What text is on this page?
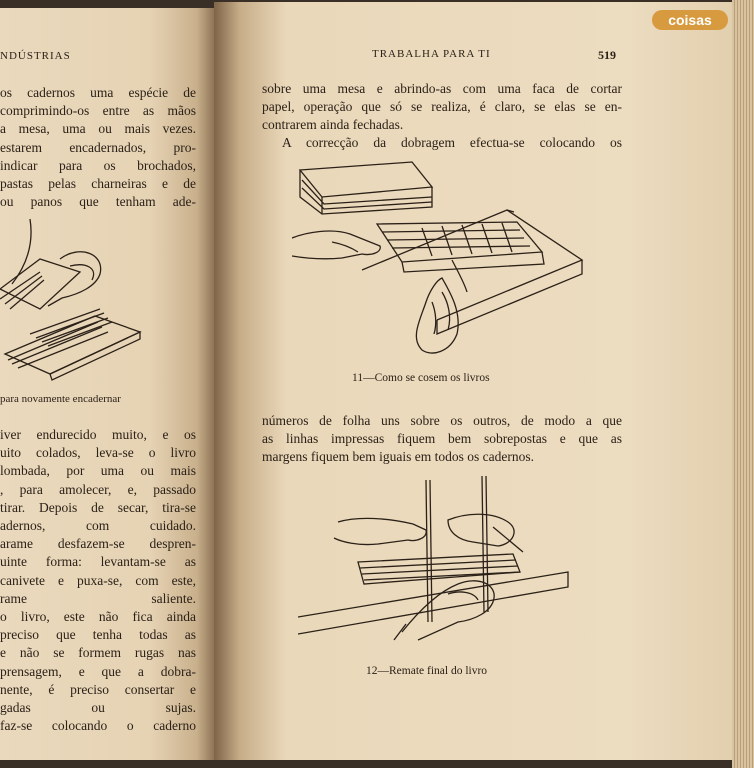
NDÚSTRIAS
os cadernos uma espécie de
comprimindo-os entre as mãos
a mesa, uma ou mais vezes.
estarem encadernados, pro-
indicar para os brochados,
pastas pelas charneiras e de
ou panos que tenham ade-
para novamente encadernar
iver endurecido muito, e os
uito colados, leva-se o livro
lombada, por uma ou mais
, para amolecer, e, passado
tirar. Depois de secar, tira-se
adernos, com cuidado.
arame desfazem-se despren-
uinte forma: levantam-se as
canivete e puxa-se, com este,
rame saliente.
o livro, este não fica ainda
preciso que tenha todas as
e não se formem rugas nas
prensagem, e que a dobra-
nente, é preciso consertar e
gadas ou sujas.
faz-se colocando o caderno
TRABALHA PARA TI	519
sobre uma mesa e abrindo-as com uma faca de cortar
papel, operação que só se realiza, é claro, se elas se en-
contrarem ainda fechadas.
A correcção da dobragem efectua-se colocando os
11—Como se cosem os livros
números de folha uns sobre os outros, de modo a que
as linhas impressas fiquem bem sobrepostas e que as
margens fiquem bem iguais em todos os cadernos.
12—Remate final do livro
coisas
